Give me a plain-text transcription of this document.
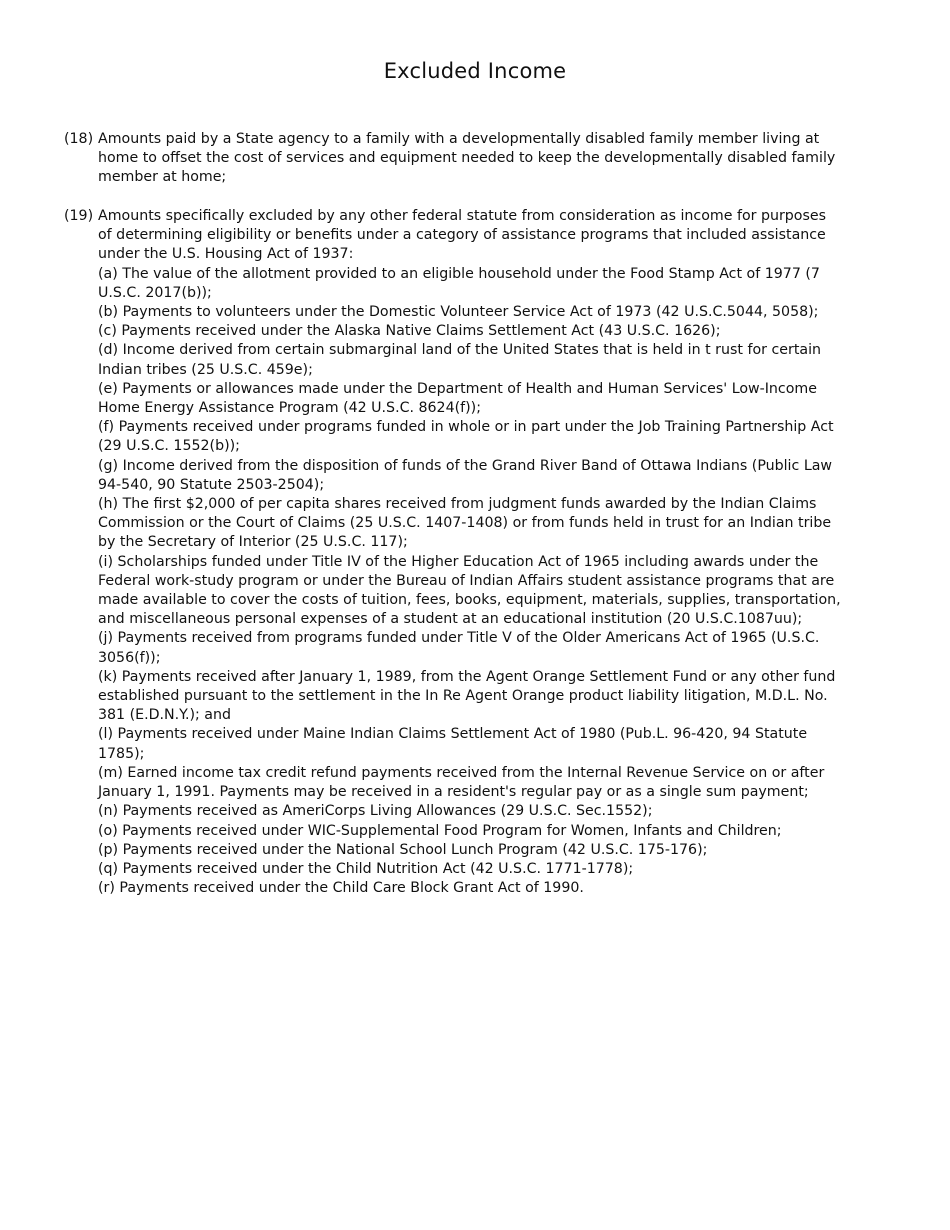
Excluded Income
(18) Amounts paid by a State agency to a family with a developmentally disabled family member living at home to offset the cost of services and equipment needed to keep the developmentally disabled family member at home;
(19) Amounts specifically excluded by any other federal statute from consideration as income for purposes of determining eligibility or benefits under a category of assistance programs that included assistance under the U.S. Housing Act of 1937:
(a) The value of the allotment provided to an eligible household under the Food Stamp Act of 1977 (7 U.S.C. 2017(b));
(b) Payments to volunteers under the Domestic Volunteer Service Act of 1973 (42 U.S.C.5044, 5058);
(c) Payments received under the Alaska Native Claims Settlement Act (43 U.S.C. 1626);
(d) Income derived from certain submarginal land of the United States that is held in t rust for certain Indian tribes (25 U.S.C. 459e);
(e) Payments or allowances made under the Department of Health and Human Services' Low-Income Home Energy Assistance Program (42 U.S.C. 8624(f));
(f) Payments received under programs funded in whole or in part under the Job Training Partnership Act (29 U.S.C. 1552(b));
(g) Income derived from the disposition of funds of the Grand River Band of Ottawa Indians (Public Law 94-540, 90 Statute 2503-2504);
(h) The first $2,000 of per capita shares received from judgment funds awarded by the Indian Claims Commission or the Court of Claims (25 U.S.C. 1407-1408) or from funds held in trust for an Indian tribe by the Secretary of Interior (25 U.S.C. 117);
(i) Scholarships funded under Title IV of the Higher Education Act of 1965 including awards under the Federal work-study program or under the Bureau of Indian Affairs student assistance programs that are made available to cover the costs of tuition, fees, books, equipment, materials, supplies, transportation, and miscellaneous personal expenses of a student at an educational institution (20 U.S.C.1087uu);
(j) Payments received from programs funded under Title V of the Older Americans Act of 1965 (U.S.C. 3056(f));
(k) Payments received after January 1, 1989, from the Agent Orange Settlement Fund or any other fund established pursuant to the settlement in the In Re Agent Orange product liability litigation, M.D.L. No. 381 (E.D.N.Y.); and
(l) Payments received under Maine Indian Claims Settlement Act of 1980 (Pub.L. 96-420, 94 Statute 1785);
(m) Earned income tax credit refund payments received from the Internal Revenue Service on or after January 1, 1991. Payments may be received in a resident's regular pay or as a single sum payment;
(n) Payments received as AmeriCorps Living Allowances (29 U.S.C. Sec.1552);
(o) Payments received under WIC-Supplemental Food Program for Women, Infants and Children;
(p) Payments received under the National School Lunch Program (42 U.S.C. 175-176);
(q) Payments received under the Child Nutrition Act (42 U.S.C. 1771-1778);
(r) Payments received under the Child Care Block Grant Act of 1990.
